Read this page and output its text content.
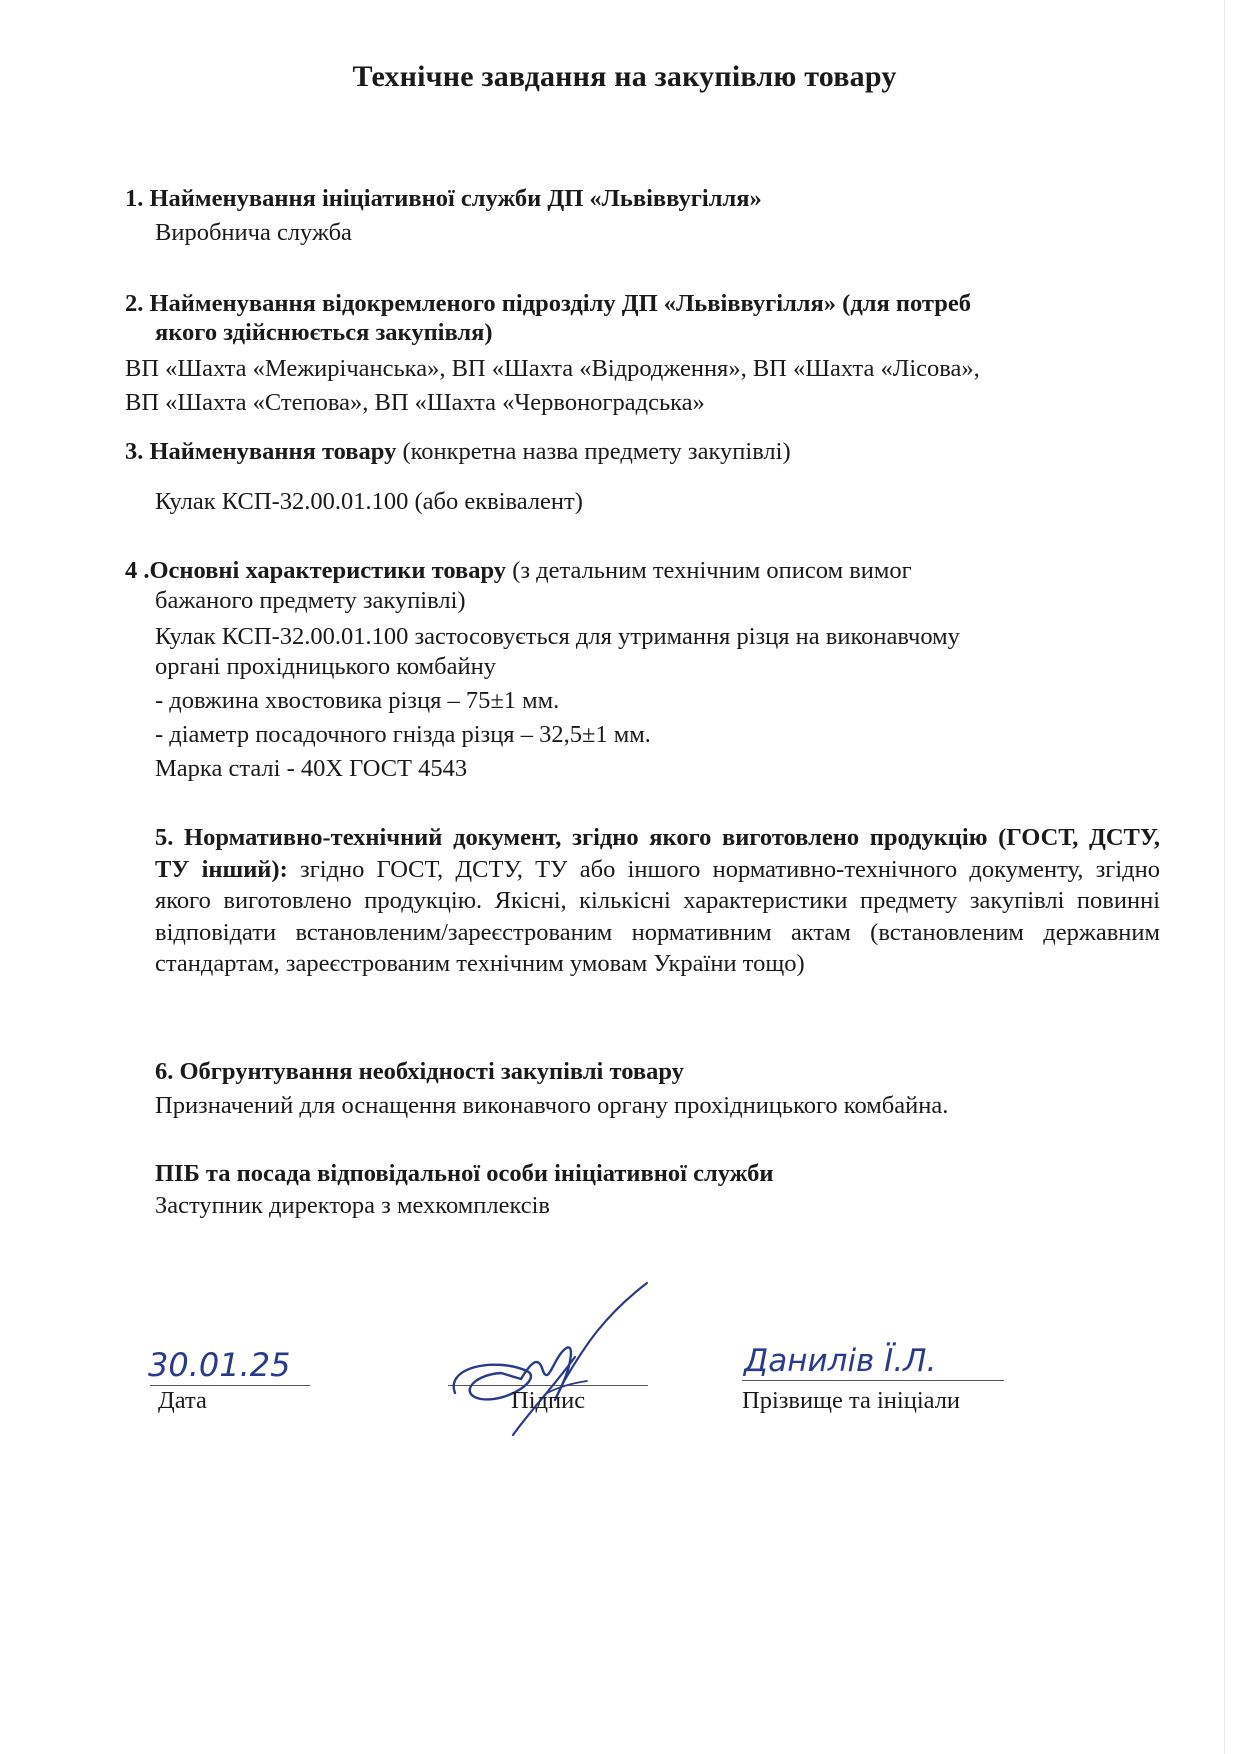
Технічне завдання на закупівлю товару
1. Найменування ініціативної служби ДП «Львіввугілля»
Виробнича служба
2. Найменування відокремленого підрозділу ДП «Львіввугілля» (для потреб
якого здійснюється закупівля)
ВП «Шахта «Межирічанська», ВП «Шахта «Відродження», ВП «Шахта «Лісова»,
ВП «Шахта «Степова», ВП «Шахта «Червоноградська»
3. Найменування товару (конкретна назва предмету закупівлі)
Кулак КСП-32.00.01.100 (або еквівалент)
4 .Основні характеристики товару (з детальним технічним описом вимог
бажаного предмету закупівлі)
Кулак КСП-32.00.01.100 застосовується для утримання різця на виконавчому
органі прохідницького комбайну
- довжина хвостовика різця – 75±1 мм.
- діаметр посадочного гнізда різця – 32,5±1 мм.
Марка сталі - 40Х ГОСТ 4543
5. Нормативно-технічний документ, згідно якого виготовлено продукцію (ГОСТ, ДСТУ, ТУ інший): згідно ГОСТ, ДСТУ, ТУ або іншого нормативно-технічного документу, згідно якого виготовлено продукцію. Якісні, кількісні характеристики предмету закупівлі повинні відповідати встановленим/зареєстрованим нормативним актам (встановленим державним стандартам, зареєстрованим технічним умовам України тощо)
6. Обгрунтування необхідності закупівлі товару
Призначений для оснащення виконавчого органу прохідницького комбайна.
ПІБ та посада відповідальної особи ініціативної служби
Заступник директора з мехкомплексів
30.01.25
Дата	Підпис
Данилів Ї.Л.
Прізвище та ініціали
